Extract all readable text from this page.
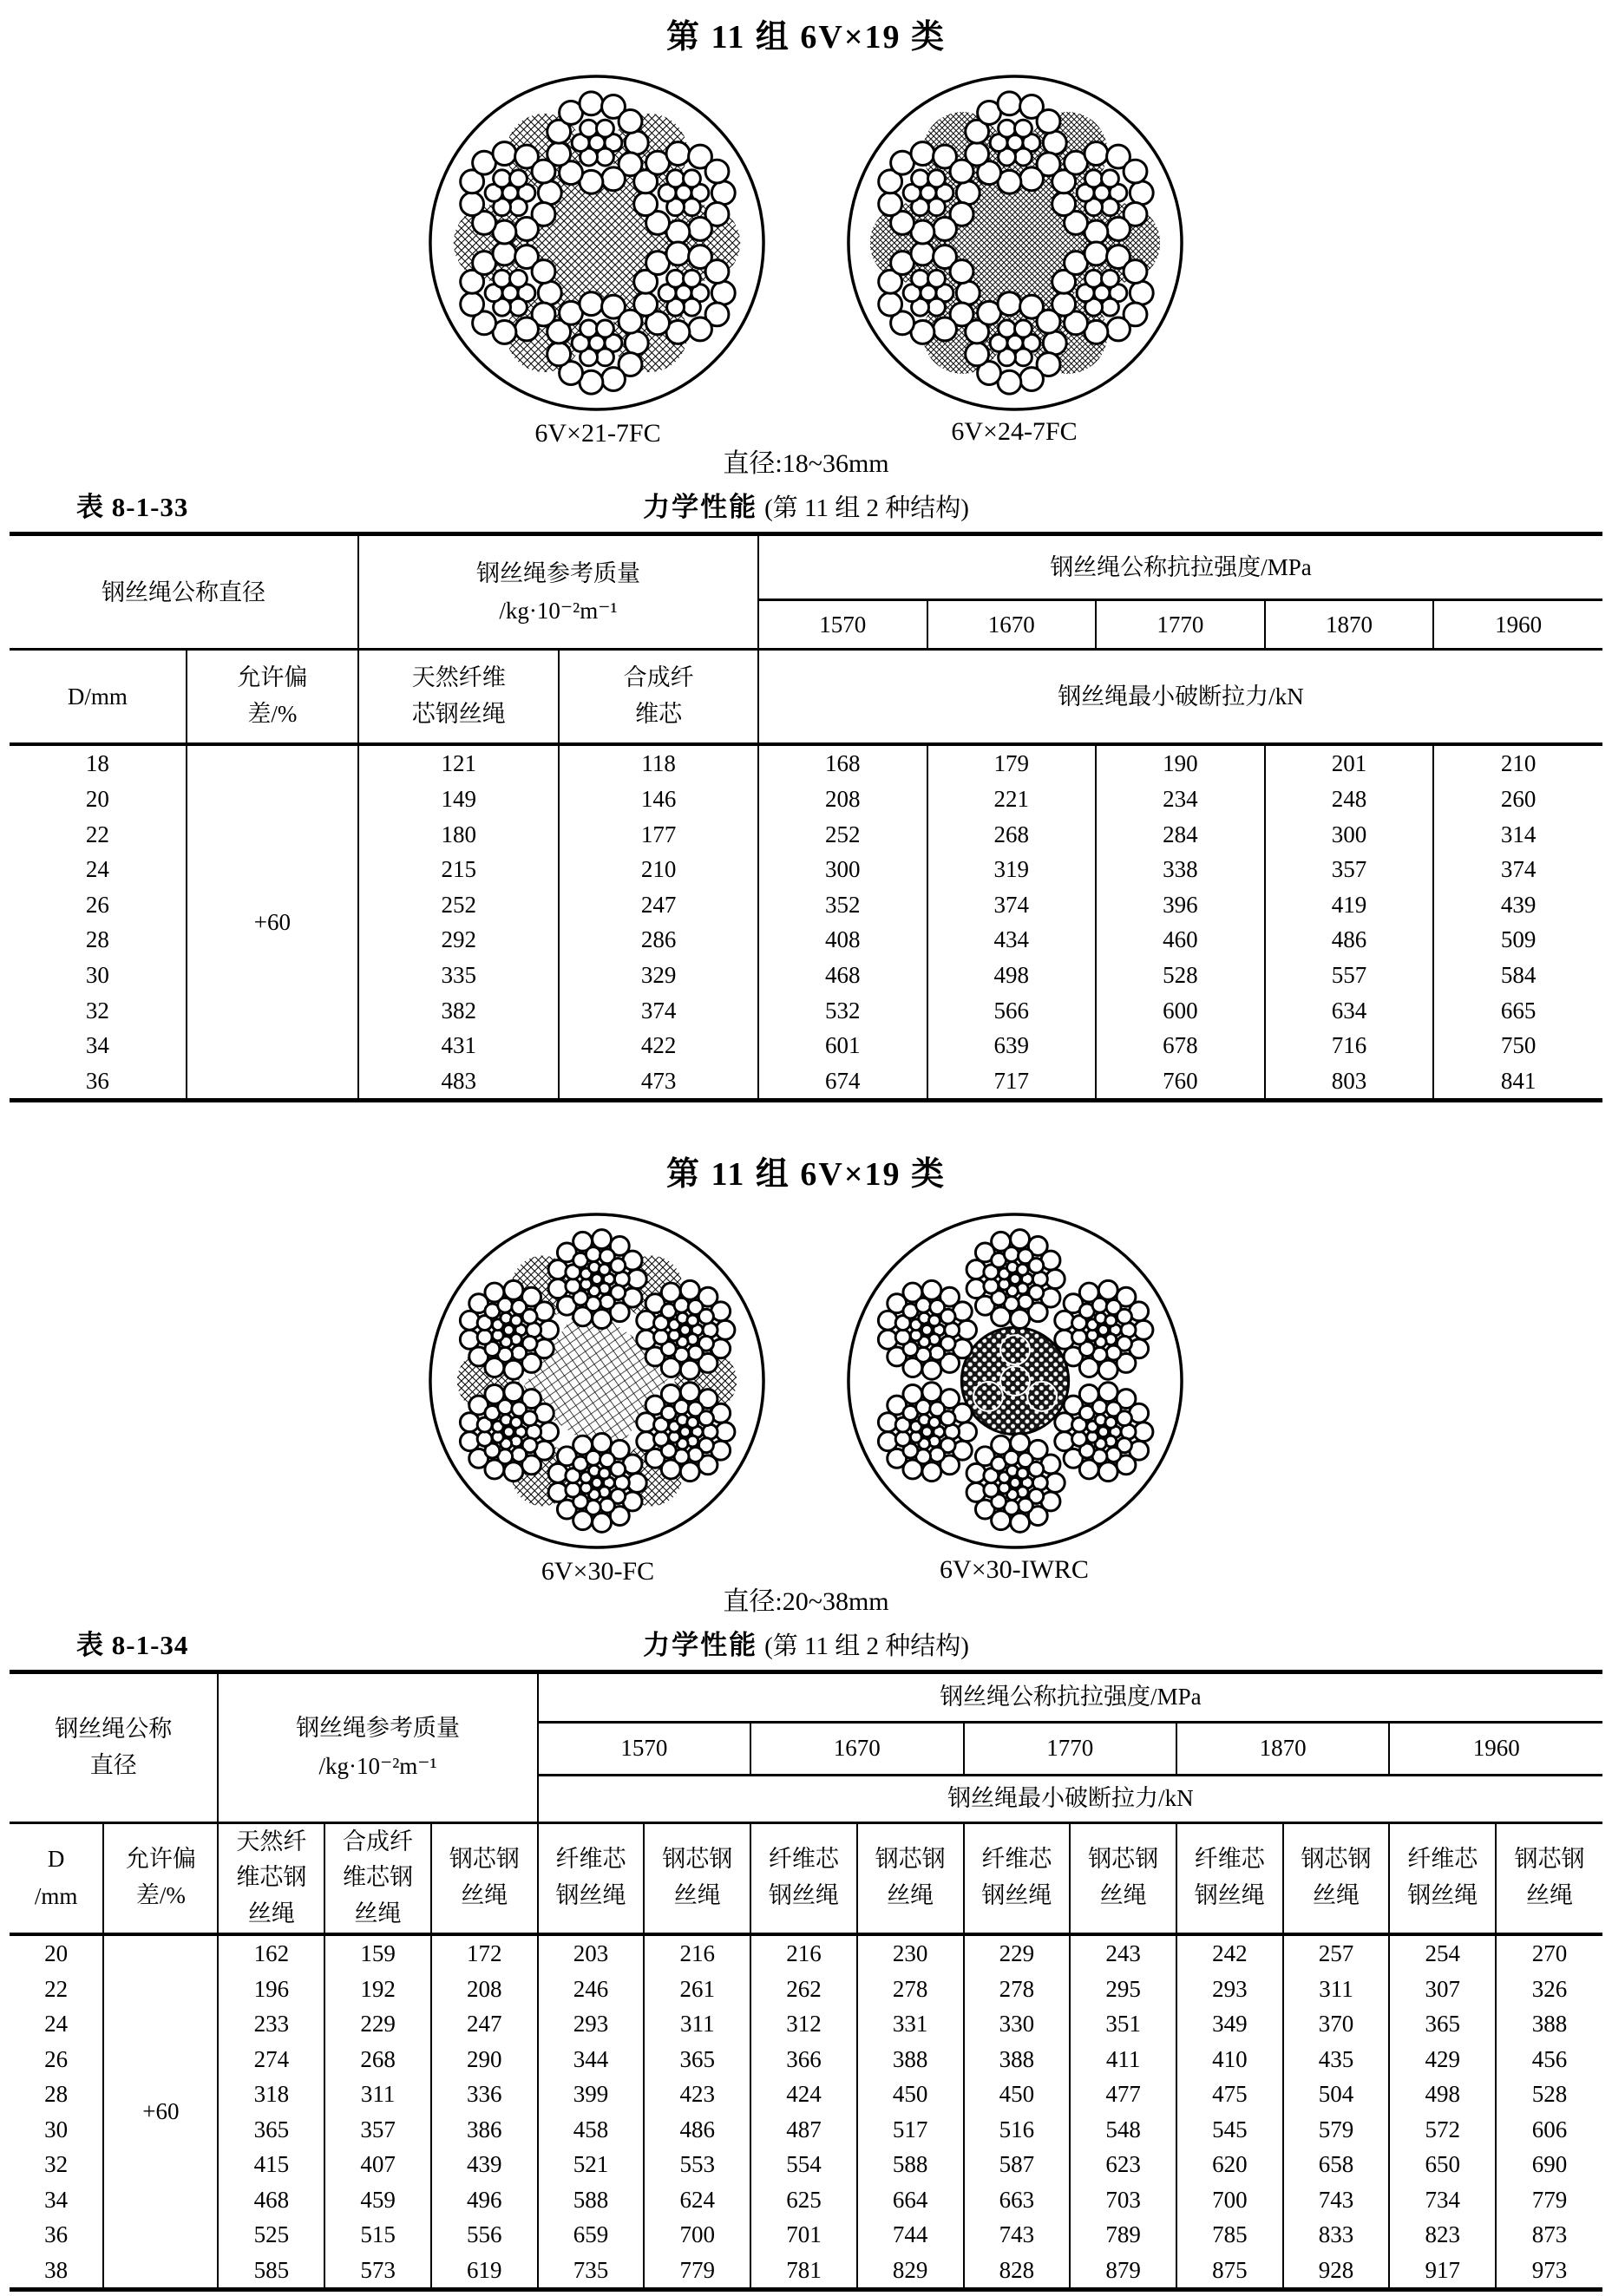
第 11 组 6V×19 类
6V×21-7FC
直径:18~36mm
6V×24-7FC
表 8-1-33	力学性能 (第 11 组 2 种结构)
钢丝绳公称直径		钢丝绳参考质量
/kg·10⁻²m⁻¹		钢丝绳公称抗拉强度/MPa				
				1570	1670	1770	1870	1960
D/mm	允许偏差/%	天然纤维芯钢丝绳	合成纤维芯	钢丝绳最小破断拉力/kN				
18	+60	121	118	168	179	190	201	210
20		149	146	208	221	234	248	260
22		180	177	252	268	284	300	314
24		215	210	300	319	338	357	374
26		252	247	352	374	396	419	439
28		292	286	408	434	460	486	509
30		335	329	468	498	528	557	584
32		382	374	532	566	600	634	665
34		431	422	601	639	678	716	750
36		483	473	674	717	760	803	841
第 11 组 6V×19 类
6V×30-FC
直径:20~38mm
6V×30-IWRC
表 8-1-34	力学性能 (第 11 组 2 种结构)
钢丝绳公称直径		钢丝绳参考质量
/kg·10⁻²m⁻¹			钢丝绳公称抗拉强度/MPa									
					1570		1670		1770		1870		1960	
					钢丝绳最小破断拉力/kN									

D
/mm	允许偏差/%	天然纤维芯钢丝绳	合成纤维芯钢丝绳	钢芯钢丝绳	纤维芯钢丝绳	钢芯钢丝绳	纤维芯钢丝绳	钢芯钢丝绳	纤维芯钢丝绳	钢芯钢丝绳	纤维芯钢丝绳	钢芯钢丝绳	纤维芯钢丝绳	钢芯钢丝绳
20	+60	162	159	172	203	216	216	230	229	243	242	257	254	270
22		196	192	208	246	261	262	278	278	295	293	311	307	326
24		233	229	247	293	311	312	331	330	351	349	370	365	388
26		274	268	290	344	365	366	388	388	411	410	435	429	456
28		318	311	336	399	423	424	450	450	477	475	504	498	528
30		365	357	386	458	486	487	517	516	548	545	579	572	606
32		415	407	439	521	553	554	588	587	623	620	658	650	690
34		468	459	496	588	624	625	664	663	703	700	743	734	779
36		525	515	556	659	700	701	744	743	789	785	833	823	873
38		585	573	619	735	779	781	829	828	879	875	928	917	973
